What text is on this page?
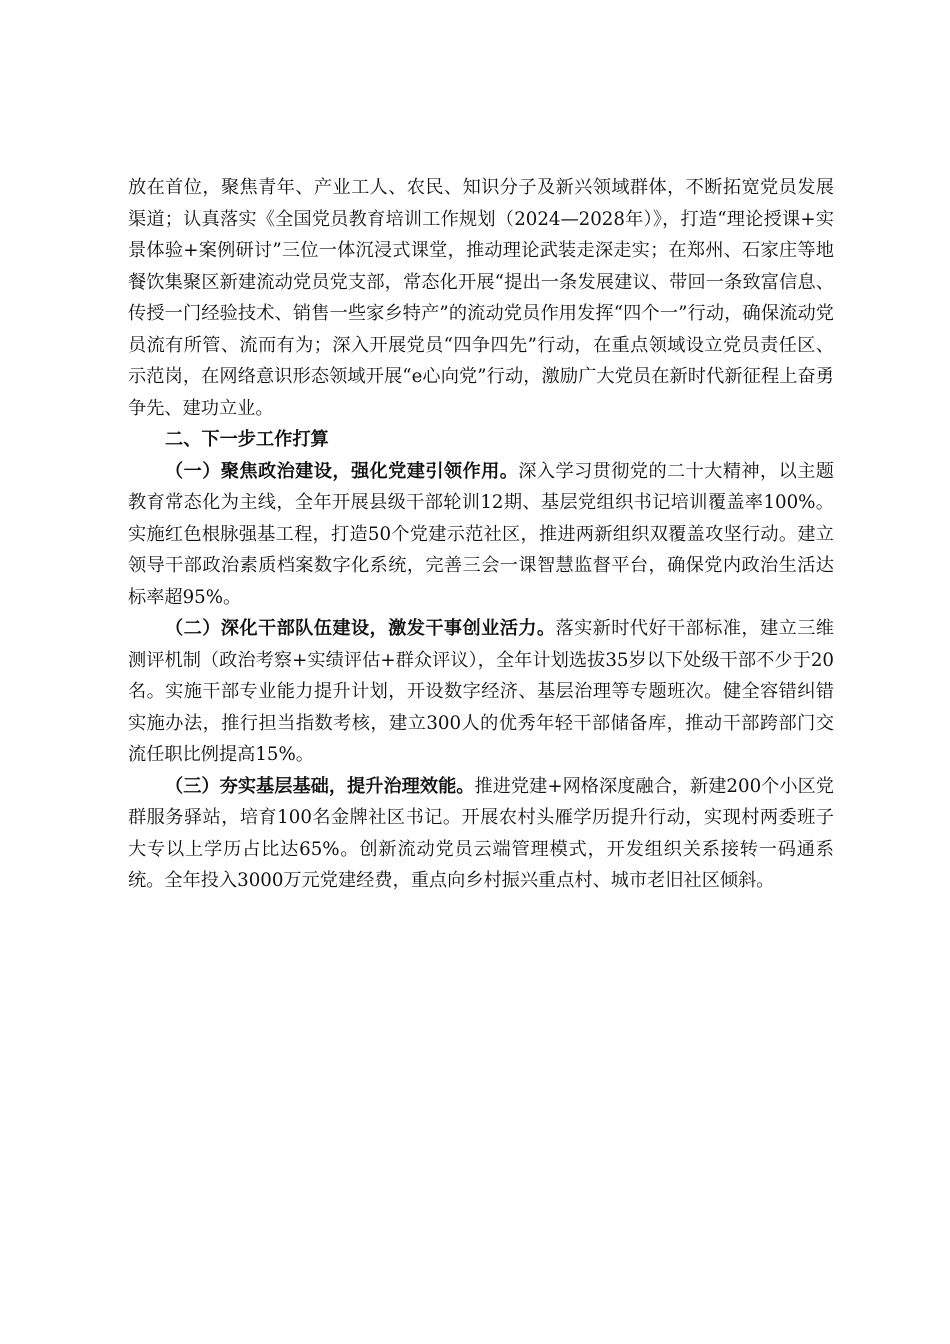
放在首位，聚焦青年、产业工人、农民、知识分子及新兴领域群体，不断拓宽党员发展渠道；认真落实《全国党员教育培训工作规划（2024—2028年）》，打造“理论授课+实景体验+案例研讨”三位一体沉浸式课堂，推动理论武装走深走实；在郑州、石家庄等地餐饮集聚区新建流动党员党支部，常态化开展“提出一条发展建议、带回一条致富信息、传授一门经验技术、销售一些家乡特产”的流动党员作用发挥“四个一”行动，确保流动党员流有所管、流而有为；深入开展党员“四争四先”行动，在重点领域设立党员责任区、示范岗，在网络意识形态领域开展“e心向党”行动，激励广大党员在新时代新征程上奋勇争先、建功立业。

二、下一步工作打算

（一）聚焦政治建设，强化党建引领作用。深入学习贯彻党的二十大精神，以主题教育常态化为主线，全年开展县级干部轮训12期、基层党组织书记培训覆盖率100%。实施红色根脉强基工程，打造50个党建示范社区，推进两新组织双覆盖攻坚行动。建立领导干部政治素质档案数字化系统，完善三会一课智慧监督平台，确保党内政治生活达标率超95%。

（二）深化干部队伍建设，激发干事创业活力。落实新时代好干部标准，建立三维测评机制（政治考察+实绩评估+群众评议），全年计划选拔35岁以下处级干部不少于20名。实施干部专业能力提升计划，开设数字经济、基层治理等专题班次。健全容错纠错实施办法，推行担当指数考核，建立300人的优秀年轻干部储备库，推动干部跨部门交流任职比例提高15%。

（三）夯实基层基础，提升治理效能。推进党建+网格深度融合，新建200个小区党群服务驿站，培育100名金牌社区书记。开展农村头雁学历提升行动，实现村两委班子大专以上学历占比达65%。创新流动党员云端管理模式，开发组织关系接转一码通系统。全年投入3000万元党建经费，重点向乡村振兴重点村、城市老旧社区倾斜。
